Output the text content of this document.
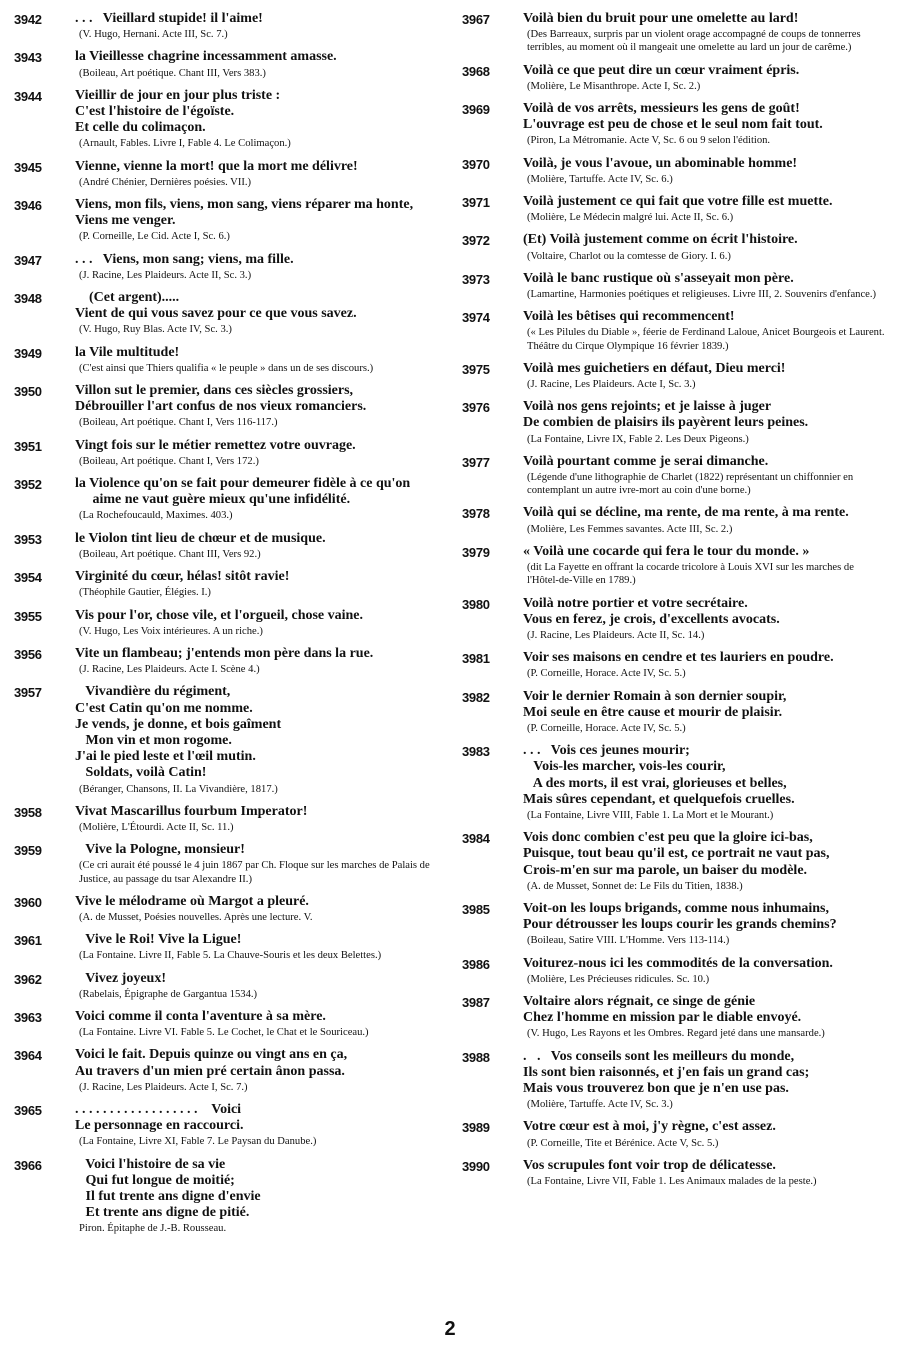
3942	. . .   Vieillard stupide! il l'aime!
(V. Hugo, Hernani. Acte III, Sc. 7.)
3943	la Vieillesse chagrine incessamment amasse.
(Boileau, Art poétique. Chant III, Vers 383.)
3944	Vieillir de jour en jour plus triste :
C'est l'histoire de l'égoïste.
Et celle du colimaçon.
(Arnault, Fables. Livre I, Fable 4. Le Colimaçon.)
3945	Vienne, vienne la mort! que la mort me délivre!
(André Chénier, Dernières poésies. VII.)
3946	Viens, mon fils, viens, mon sang, viens réparer ma honte,
Viens me venger.
(P. Corneille, Le Cid. Acte I, Sc. 6.)
3947	. . .   Viens, mon sang; viens, ma fille.
(J. Racine, Les Plaideurs. Acte II, Sc. 3.)
3948	(Cet argent).....
Vient de qui vous savez pour ce que vous savez.
(V. Hugo, Ruy Blas. Acte IV, Sc. 3.)
3949	la Vile multitude!
(C'est ainsi que Thiers qualifia « le peuple » dans un de ses discours.)
3950	Villon sut le premier, dans ces siècles grossiers,
Débrouiller l'art confus de nos vieux romanciers.
(Boileau, Art poétique. Chant I, Vers 116-117.)
3951	Vingt fois sur le métier remettez votre ouvrage.
(Boileau, Art poétique. Chant I, Vers 172.)
3952	la Violence qu'on se fait pour demeurer fidèle à ce qu'on
aime ne vaut guère mieux qu'une infidélité.
(La Rochefoucauld, Maximes. 403.)
3953	le Violon tint lieu de chœur et de musique.
(Boileau, Art poétique. Chant III, Vers 92.)
3954	Virginité du cœur, hélas! sitôt ravie!
(Théophile Gautier, Élégies. I.)
3955	Vis pour l'or, chose vile, et l'orgueil, chose vaine.
(V. Hugo, Les Voix intérieures. A un riche.)
3956	Vite un flambeau; j'entends mon père dans la rue.
(J. Racine, Les Plaideurs. Acte I. Scène 4.)
3957	Vivandière du régiment,
C'est Catin qu'on me nomme.
Je vends, je donne, et bois gaîment
Mon vin et mon rogome.
J'ai le pied leste et l'œil mutin.
Soldats, voilà Catin!
(Béranger, Chansons, II. La Vivandière, 1817.)
3958	Vivat Mascarillus fourbum Imperator!
(Molière, L'Étourdi. Acte II, Sc. 11.)
3959	Vive la Pologne, monsieur!
(Ce cri aurait été poussé le 4 juin 1867 par Ch. Floque sur les marches de Palais de Justice, au passage du tsar Alexandre II.)
3960	Vive le mélodrame où Margot a pleuré.
(A. de Musset, Poésies nouvelles. Après une lecture. V.
3961	Vive le Roi! Vive la Ligue!
(La Fontaine. Livre II, Fable 5. La Chauve-Souris et les deux Belettes.)
3962	Vivez joyeux!
(Rabelais, Épigraphe de Gargantua 1534.)
3963	Voici comme il conta l'aventure à sa mère.
(La Fontaine. Livre VI. Fable 5. Le Cochet, le Chat et le Souriceau.)
3964	Voici le fait. Depuis quinze ou vingt ans en ça,
Au travers d'un mien pré certain ânon passa.
(J. Racine, Les Plaideurs. Acte I, Sc. 7.)
3965	. . . . . . . . . . . . . . . . . .    Voici
Le personnage en raccourci.
(La Fontaine, Livre XI, Fable 7. Le Paysan du Danube.)
3966	Voici l'histoire de sa vie
Qui fut longue de moitié;
Il fut trente ans digne d'envie
Et trente ans digne de pitié.
Piron. Épitaphe de J.-B. Rousseau.
3967	Voilà bien du bruit pour une omelette au lard!
(Des Barreaux, surpris par un violent orage accompagné de coups de tonnerres terribles, au moment où il mangeait une omelette au lard un jour de carême.)
3968	Voilà ce que peut dire un cœur vraiment épris.
(Molière, Le Misanthrope. Acte I, Sc. 2.)
3969	Voilà de vos arrêts, messieurs les gens de goût!
L'ouvrage est peu de chose et le seul nom fait tout.
(Piron, La Métromanie. Acte V, Sc. 6 ou 9 selon l'édition.
3970	Voilà, je vous l'avoue, un abominable homme!
(Molière, Tartuffe. Acte IV, Sc. 6.)
3971	Voilà justement ce qui fait que votre fille est muette.
(Molière, Le Médecin malgré lui. Acte II, Sc. 6.)
3972	(Et) Voilà justement comme on écrit l'histoire.
(Voltaire, Charlot ou la comtesse de Giory. I. 6.)
3973	Voilà le banc rustique où s'asseyait mon père.
(Lamartine, Harmonies poétiques et religieuses. Livre III, 2. Souvenirs d'enfance.)
3974	Voilà les bêtises qui recommencent!
(« Les Pilules du Diable », féerie de Ferdinand Laloue, Anicet Bourgeois et Laurent. Théâtre du Cirque Olympique 16 février 1839.)
3975	Voilà mes guichetiers en défaut, Dieu merci!
(J. Racine, Les Plaideurs. Acte I, Sc. 3.)
3976	Voilà nos gens rejoints; et je laisse à juger
De combien de plaisirs ils payèrent leurs peines.
(La Fontaine, Livre IX, Fable 2. Les Deux Pigeons.)
3977	Voilà pourtant comme je serai dimanche.
(Légende d'une lithographie de Charlet (1822) représentant un chiffonnier en contemplant un autre ivre-mort au coin d'une borne.)
3978	Voilà qui se décline, ma rente, de ma rente, à ma rente.
(Molière, Les Femmes savantes. Acte III, Sc. 2.)
3979	« Voilà une cocarde qui fera le tour du monde. »
(dit La Fayette en offrant la cocarde tricolore à Louis XVI sur les marches de l'Hôtel-de-Ville en 1789.)
3980	Voilà notre portier et votre secrétaire.
Vous en ferez, je crois, d'excellents avocats.
(J. Racine, Les Plaideurs. Acte II, Sc. 14.)
3981	Voir ses maisons en cendre et tes lauriers en poudre.
(P. Corneille, Horace. Acte IV, Sc. 5.)
3982	Voir le dernier Romain à son dernier soupir,
Moi seule en être cause et mourir de plaisir.
(P. Corneille, Horace. Acte IV, Sc. 5.)
3983	. . .   Vois ces jeunes mourir;
Vois-les marcher, vois-les courir,
A des morts, il est vrai, glorieuses et belles,
Mais sûres cependant, et quelquefois cruelles.
(La Fontaine, Livre VIII, Fable 1. La Mort et le Mourant.)
3984	Vois donc combien c'est peu que la gloire ici-bas,
Puisque, tout beau qu'il est, ce portrait ne vaut pas,
Crois-m'en sur ma parole, un baiser du modèle.
(A. de Musset, Sonnet de: Le Fils du Titien, 1838.)
3985	Voit-on les loups brigands, comme nous inhumains,
Pour détrousser les loups courir les grands chemins?
(Boileau, Satire VIII. L'Homme. Vers 113-114.)
3986	Voiturez-nous ici les commodités de la conversation.
(Molière, Les Précieuses ridicules. Sc. 10.)
3987	Voltaire alors régnait, ce singe de génie
Chez l'homme en mission par le diable envoyé.
(V. Hugo, Les Rayons et les Ombres. Regard jeté dans une mansarde.)
3988	.   .   Vos conseils sont les meilleurs du monde,
Ils sont bien raisonnés, et j'en fais un grand cas;
Mais vous trouverez bon que je n'en use pas.
(Molière, Tartuffe. Acte IV, Sc. 3.)
3989	Votre cœur est à moi, j'y règne, c'est assez.
(P. Corneille, Tite et Bérénice. Acte V, Sc. 5.)
3990	Vos scrupules font voir trop de délicatesse.
(La Fontaine, Livre VII, Fable 1. Les Animaux malades de la peste.)
2
